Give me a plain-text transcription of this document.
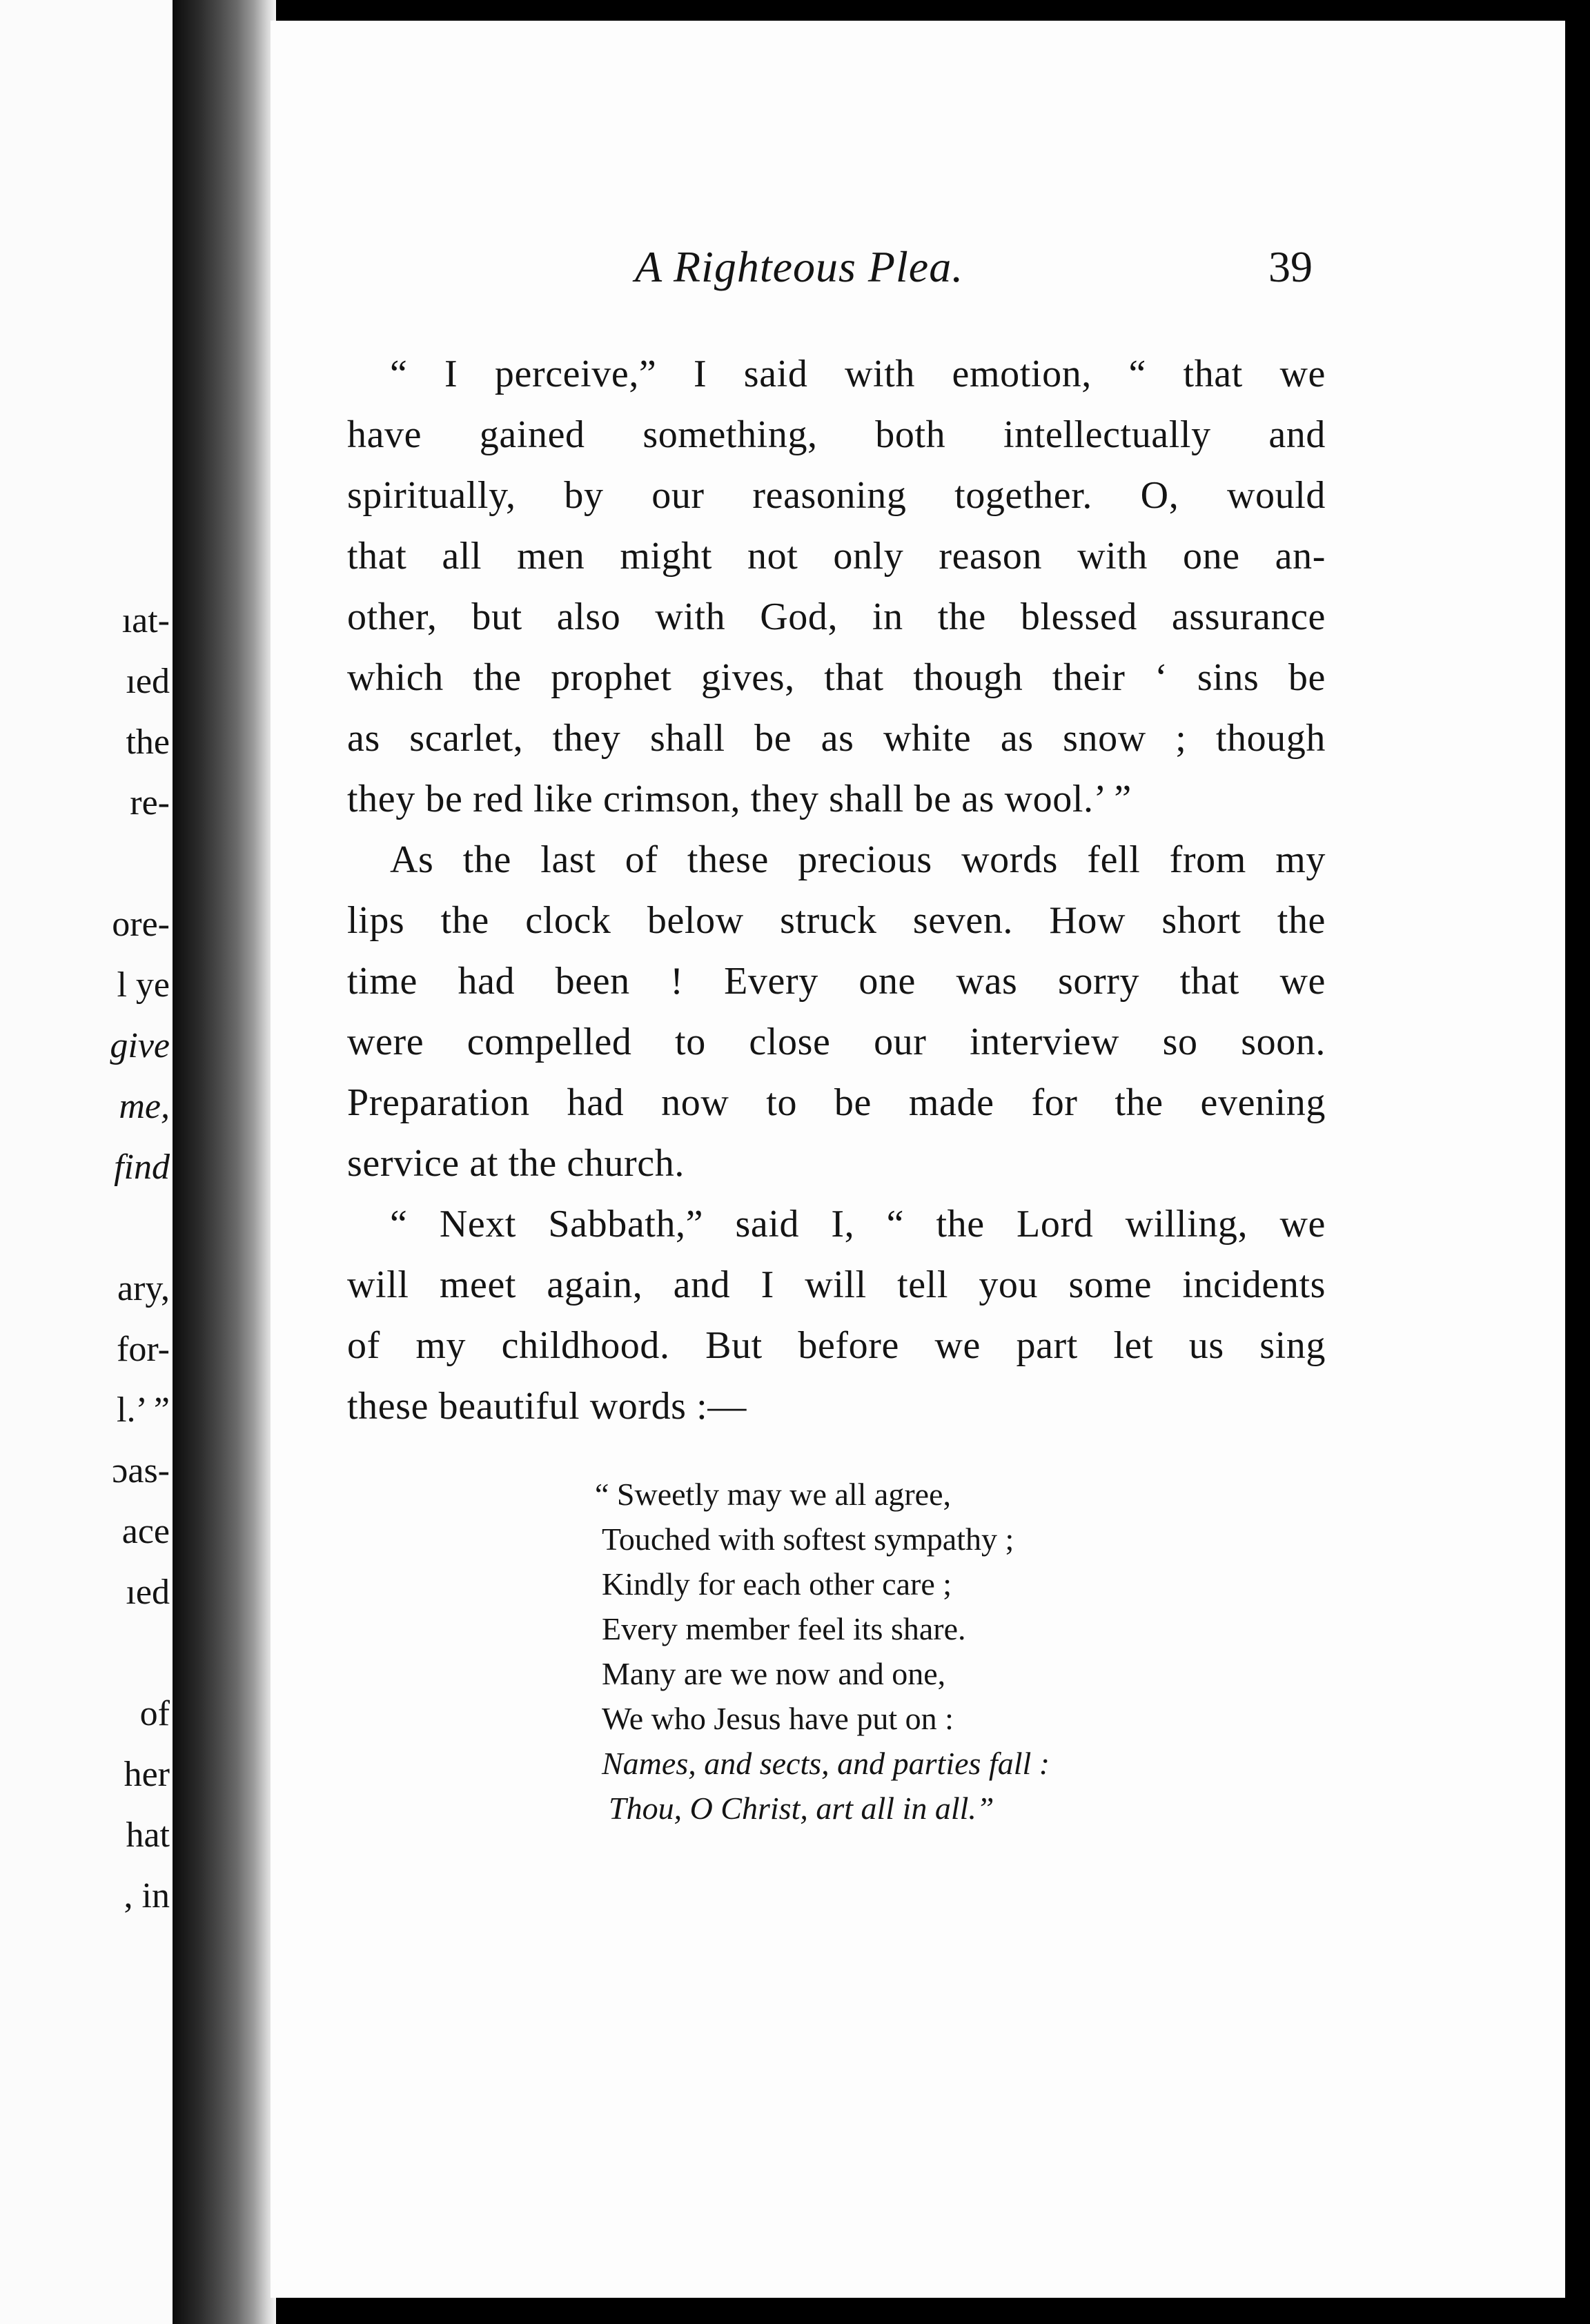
ıat-
ıed
the
re-
ore-
l ye
give
me,
find
ary,
for-
l.’ ”
ɔas-
ace
ıed
of
her
hat
, in
A Righteous Plea.	39
“ I perceive,” I said with emotion, “ that we
have gained something, both intellectually and
spiritually, by our reasoning together. O, would
that all men might not only reason with one an-
other, but also with God, in the blessed assurance
which the prophet gives, that though their ‘ sins be
as scarlet, they shall be as white as snow ; though
they be red like crimson, they shall be as wool.’ ”
As the last of these precious words fell from my
lips the clock below struck seven. How short the
time had been ! Every one was sorry that we
were compelled to close our interview so soon.
Preparation had now to be made for the evening
service at the church.
“ Next Sabbath,” said I, “ the Lord willing, we
will meet again, and I will tell you some incidents
of my childhood. But before we part let us sing
these beautiful words :—
“ Sweetly may we all agree,
Touched with softest sympathy ;
Kindly for each other care ;
Every member feel its share.
Many are we now and one,
We who Jesus have put on :
Names, and sects, and parties fall :
Thou, O Christ, art all in all.”
